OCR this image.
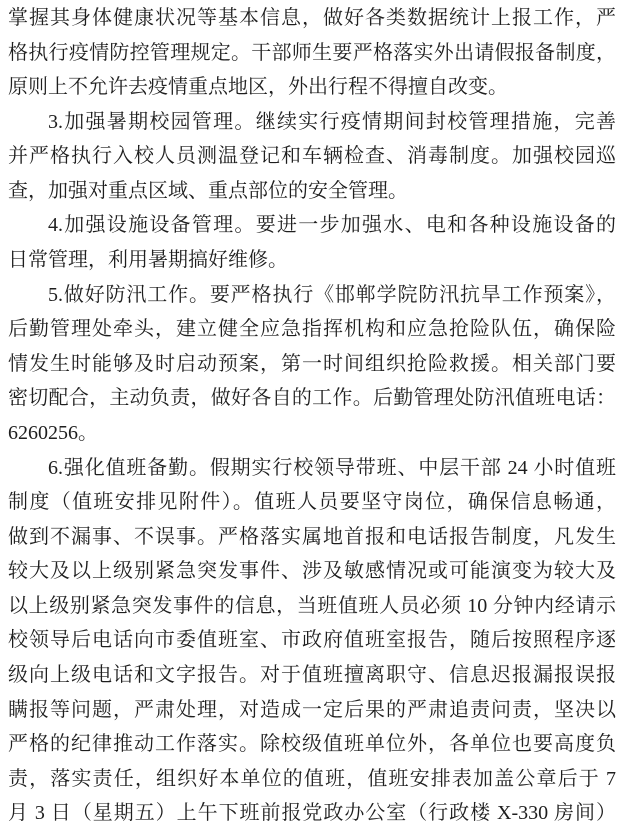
掌握其身体健康状况等基本信息，做好各类数据统计上报工作，严
格执行疫情防控管理规定。干部师生要严格落实外出请假报备制度，
原则上不允许去疫情重点地区，外出行程不得擅自改变。
3.加强暑期校园管理。继续实行疫情期间封校管理措施，完善
并严格执行入校人员测温登记和车辆检查、消毒制度。加强校园巡
查，加强对重点区域、重点部位的安全管理。
4.加强设施设备管理。要进一步加强水、电和各种设施设备的
日常管理，利用暑期搞好维修。
5.做好防汛工作。要严格执行《邯郸学院防汛抗旱工作预案》，
后勤管理处牵头，建立健全应急指挥机构和应急抢险队伍，确保险
情发生时能够及时启动预案，第一时间组织抢险救援。相关部门要
密切配合，主动负责，做好各自的工作。后勤管理处防汛值班电话：
6260256。
6.强化值班备勤。假期实行校领导带班、中层干部 24 小时值班
制度（值班安排见附件）。值班人员要坚守岗位，确保信息畅通，
做到不漏事、不误事。严格落实属地首报和电话报告制度，凡发生
较大及以上级别紧急突发事件、涉及敏感情况或可能演变为较大及
以上级别紧急突发事件的信息，当班值班人员必须 10 分钟内经请示
校领导后电话向市委值班室、市政府值班室报告，随后按照程序逐
级向上级电话和文字报告。对于值班擅离职守、信息迟报漏报误报
瞒报等问题，严肃处理，对造成一定后果的严肃追责问责，坚决以
严格的纪律推动工作落实。除校级值班单位外，各单位也要高度负
责，落实责任，组织好本单位的值班，值班安排表加盖公章后于 7
月 3 日（星期五）上午下班前报党政办公室（行政楼 X-330 房间）
